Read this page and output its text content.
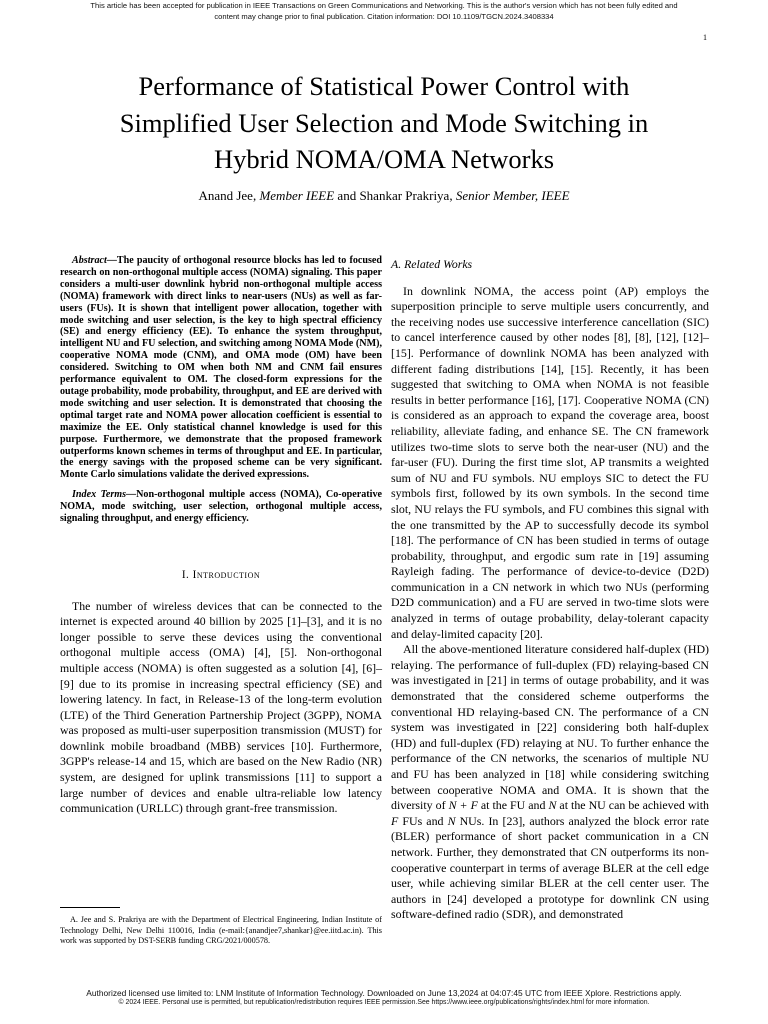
This article has been accepted for publication in IEEE Transactions on Green Communications and Networking. This is the author's version which has not been fully edited and
content may change prior to final publication. Citation information: DOI 10.1109/TGCN.2024.3408334
1
Performance of Statistical Power Control with
Simplified User Selection and Mode Switching in
Hybrid NOMA/OMA Networks
Anand Jee, Member IEEE and Shankar Prakriya, Senior Member, IEEE

Abstract—The paucity of orthogonal resource blocks has led to focused research on non-orthogonal multiple access (NOMA) signaling. This paper considers a multi-user downlink hybrid non-orthogonal multiple access (NOMA) framework with direct links to near-users (NUs) as well as far-users (FUs). It is shown that intelligent power allocation, together with mode switching and user selection, is the key to high spectral efficiency (SE) and energy efficiency (EE). To enhance the system throughput, intelligent NU and FU selection, and switching among NOMA Mode (NM), cooperative NOMA mode (CNM), and OMA mode (OM) have been considered. Switching to OM when both NM and CNM fail ensures performance equivalent to OM. The closed-form expressions for the outage probability, mode probability, throughput, and EE are derived with mode switching and user selection. It is demonstrated that choosing the optimal target rate and NOMA power allocation coefficient is essential to maximize the EE. Only statistical channel knowledge is used for this purpose. Furthermore, we demonstrate that the proposed framework outperforms known schemes in terms of throughput and EE. In particular, the energy savings with the proposed scheme can be very significant. Monte Carlo simulations validate the derived expressions.

Index Terms—Non-orthogonal multiple access (NOMA), Co-operative NOMA, mode switching, user selection, orthogonal multiple access, signaling throughput, and energy efficiency.

I. Introduction

The number of wireless devices that can be connected to the internet is expected around 40 billion by 2025 [1]–[3], and it is no longer possible to serve these devices using the conventional orthogonal multiple access (OMA) [4], [5]. Non-orthogonal multiple access (NOMA) is often suggested as a solution [4], [6]–[9] due to its promise in increasing spectral efficiency (SE) and lowering latency. In fact, in Release-13 of the long-term evolution (LTE) of the Third Generation Partnership Project (3GPP), NOMA was proposed as multi-user superposition transmission (MUST) for downlink mobile broadband (MBB) services [10]. Furthermore, 3GPP's release-14 and 15, which are based on the New Radio (NR) system, are designed for uplink transmissions [11] to support a large number of devices and enable ultra-reliable low latency communication (URLLC) through grant-free transmission.

A. Jee and S. Prakriya are with the Department of Electrical Engineering, Indian Institute of Technology Delhi, New Delhi 110016, India (e-mail:{anandjee7,shankar}@ee.iitd.ac.in). This work was supported by DST-SERB funding CRG/2021/000578.
A. Related Works

In downlink NOMA, the access point (AP) employs the superposition principle to serve multiple users concurrently, and the receiving nodes use successive interference cancellation (SIC) to cancel interference caused by other nodes [8], [8], [12], [12]–[15]. Performance of downlink NOMA has been analyzed with different fading distributions [14], [15]. Recently, it has been suggested that switching to OMA when NOMA is not feasible results in better performance [16], [17]. Cooperative NOMA (CN) is considered as an approach to expand the coverage area, boost reliability, alleviate fading, and enhance SE. The CN framework utilizes two-time slots to serve both the near-user (NU) and the far-user (FU). During the first time slot, AP transmits a weighted sum of NU and FU symbols. NU employs SIC to detect the FU symbols first, followed by its own symbols. In the second time slot, NU relays the FU symbols, and FU combines this signal with the one transmitted by the AP to successfully decode its symbol [18]. The performance of CN has been studied in terms of outage probability, throughput, and ergodic sum rate in [19] assuming Rayleigh fading. The performance of device-to-device (D2D) communication in a CN network in which two NUs (performing D2D communication) and a FU are served in two-time slots were analyzed in terms of outage probability, delay-tolerant capacity and delay-limited capacity [20].

All the above-mentioned literature considered half-duplex (HD) relaying. The performance of full-duplex (FD) relaying-based CN was investigated in [21] in terms of outage probability, and it was demonstrated that the considered scheme outperforms the conventional HD relaying-based CN. The performance of a CN system was investigated in [22] considering both half-duplex (HD) and full-duplex (FD) relaying at NU. To further enhance the performance of the CN networks, the scenarios of multiple NU and FU has been analyzed in [18] while considering switching between cooperative NOMA and OMA. It is shown that the diversity of N + F at the FU and N at the NU can be achieved with F FUs and N NUs. In [23], authors analyzed the block error rate (BLER) performance of short packet communication in a CN network. Further, they demonstrated that CN outperforms its non-cooperative counterpart in terms of average BLER at the cell edge user, while achieving similar BLER at the cell center user. The authors in [24] developed a prototype for downlink CN using software-defined radio (SDR), and demonstrated

Authorized licensed use limited to: LNM Institute of Information Technology. Downloaded on June 13,2024 at 04:07:45 UTC from IEEE Xplore. Restrictions apply.
© 2024 IEEE. Personal use is permitted, but republication/redistribution requires IEEE permission.See https://www.ieee.org/publications/rights/index.html for more information.
